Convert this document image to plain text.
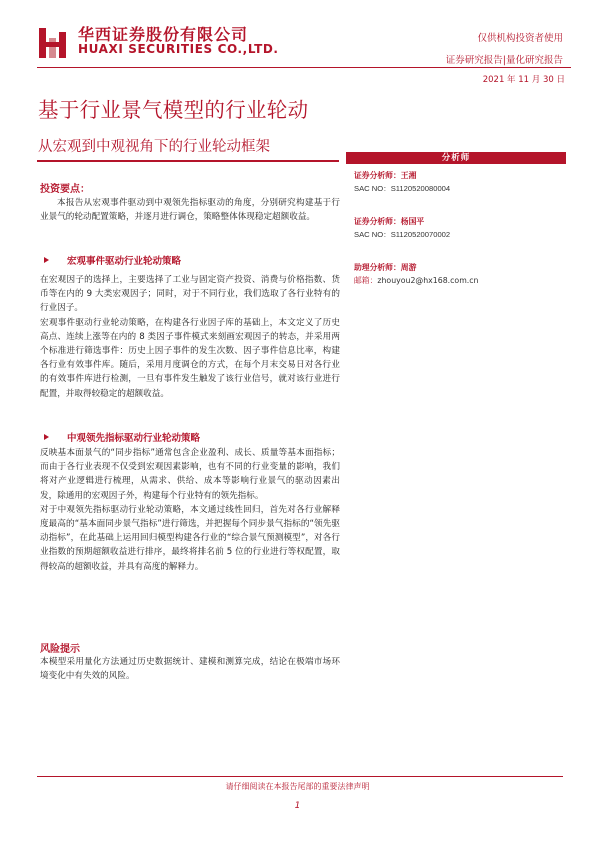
华西证券股份有限公司
HUAXI SECURITIES CO.,LTD.
仅供机构投资者使用
证券研究报告|量化研究报告
2021 年 11 月 30 日
基于行业景气模型的行业轮动
从宏观到中观视角下的行业轮动框架
分析师
证券分析师：王湘
SAC NO：S1120520080004
证券分析师：杨国平
SAC NO：S1120520070002
助理分析师：周游
邮箱：zhouyou2@hx168.com.cn
投资要点：

本报告从宏观事件驱动到中观领先指标驱动的角度，分别研究构建基于行业景气的轮动配置策略，并逐月进行调仓，策略整体体现稳定超额收益。

宏观事件驱动行业轮动策略

在宏观因子的选择上，主要选择了工业与固定资产投资、消费与价格指数、货币等在内的 9 大类宏观因子；同时，对于不同行业，我们选取了各行业特有的行业因子。

宏观事件驱动行业轮动策略，在构建各行业因子库的基础上，本文定义了历史高点、连续上涨等在内的 8 类因子事件模式来刻画宏观因子的转态，并采用两个标准进行筛选事件：历史上因子事件的发生次数、因子事件信息比率，构建各行业有效事件库。随后，采用月度调仓的方式，在每个月末交易日对各行业的有效事件库进行检测，一旦有事件发生触发了该行业信号，就对该行业进行配置，并取得较稳定的超额收益。

中观领先指标驱动行业轮动策略

反映基本面景气的“同步指标”通常包含企业盈利、成长、质量等基本面指标；而由于各行业表现不仅受到宏观因素影响，也有不同的行业变量的影响，我们将对产业逻辑进行梳理，从需求、供给、成本等影响行业景气的驱动因素出发，除通用的宏观因子外，构建每个行业特有的领先指标。

对于中观领先指标驱动行业轮动策略，本文通过线性回归，首先对各行业解释度最高的“基本面同步景气指标”进行筛选，并把握每个同步景气指标的“领先驱动指标”，在此基础上运用回归模型构建各行业的“综合景气预测模型”，对各行业指数的预期超额收益进行排序，最终将排名前 5 位的行业进行等权配置，取得较高的超额收益，并具有高度的解释力。

风险提示

本模型采用量化方法通过历史数据统计、建模和测算完成，结论在极端市场环境变化中有失效的风险。

请仔细阅读在本报告尾部的重要法律声明
1
